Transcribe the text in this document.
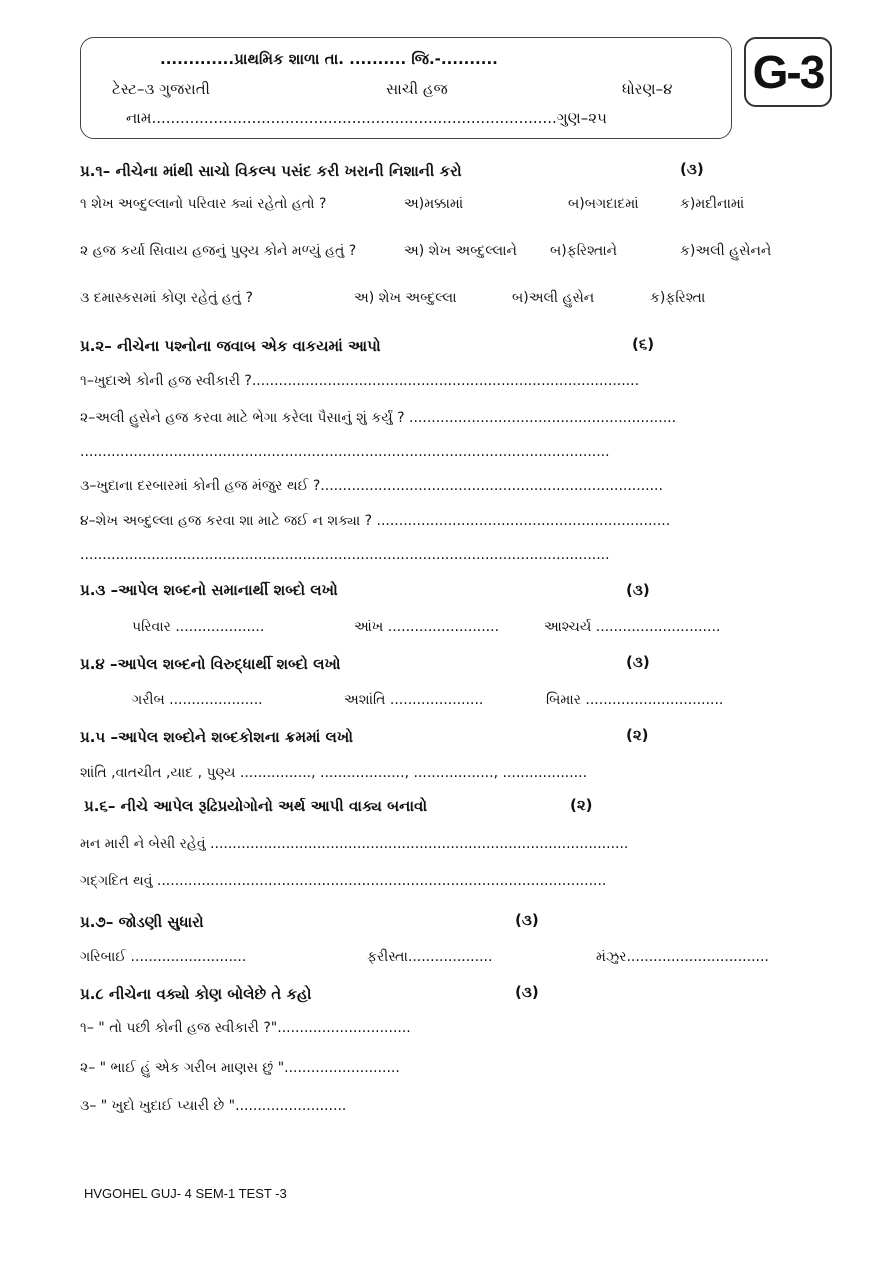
.............પ્રાથમિક શાળા તા. .......... જિ.-..........
ટેસ્ટ–૩ ગુજરાતી	સાચી હજ	ધોરણ–૪
નામ.....................................................................................ગુણ–૨૫
G-3
પ્ર.૧– નીચેના માંથી સાચો વિકલ્પ પસંદ કરી ખરાની નિશાની કરો	(૩)
૧ શેખ અબ્દુલ્લાનો પરિવાર ક્યાં રહેતો હતો ?	અ)મક્કામાં	બ)બગદાદમાં	ક)મદીનામાં
૨ હજ કર્યા સિવાય હજનું પુણ્ય કોને મળ્યું હતું ?	અ) શેખ અબ્દુલ્લાને બ)ફરિશ્તાને	ક)અલી હુસેનને
૩ દમાસ્કસમાં કોણ રહેતું હતું ?	અ) શેખ અબ્દુલ્લા	બ)અલી હુસેન	ક)ફરિશ્તા
પ્ર.૨– નીચેના પશ્નોના જવાબ એક વાકયમાં આપો	(૬)
૧–ખુદાએ કોની હજ સ્વીકારી ?.......................................................................................
૨–અલી હુસેને હજ કરવા માટે ભેગા કરેલા પૈસાનું શું કર્યું ? ............................................................
.......................................................................................................................
૩–ખુદાના દરબારમાં કોની હજ મંજુર થઈ ?.............................................................................
૪–શેખ અબ્દુલ્લા હજ કરવા શા માટે જઈ ન શક્યા ? ..................................................................
.......................................................................................................................
પ્ર.૩ –આપેલ શબ્દનો સમાનાર્થી શબ્દો લખો	(૩)
પરિવાર ....................	આંખ .........................	આશ્ચર્ય ............................
પ્ર.૪ –આપેલ શબ્દનો વિરુદ્ધાર્થી શબ્દો લખો	(૩)
ગરીબ .....................	અશાંતિ .....................	બિમાર ...............................
પ્ર.૫ –આપેલ શબ્દોને શબ્દકોશના ક્રમમાં લખો	(૨)
શાંતિ ,વાતચીત ,યાદ , પુણ્ય ................, ..................., .................., ...................
પ્ર.૬– નીચે આપેલ રૂઢિપ્રયોગોનો અર્થ આપી વાક્ય બનાવો	(૨)
મન મારી ને બેસી રહેવું ..............................................................................................
ગદ્ગદિત થવું .....................................................................................................
પ્ર.૭– જોડણી સુધારો	(૩)
ગરિબાઈ ..........................	ફરીસ્તા...................	મંઝુર................................
પ્ર.૮ નીચેના વક્યો કોણ બોલેછે તે કહો	(૩)
૧– " તો પછી કોની હજ સ્વીકારી ?"..............................
૨– " ભાઈ હું એક ગરીબ માણસ છું "..........................
૩– " ખુદો ખુદાઈ પ્યારી છે ".........................
HVGOHEL GUJ- 4 SEM-1 TEST -3
